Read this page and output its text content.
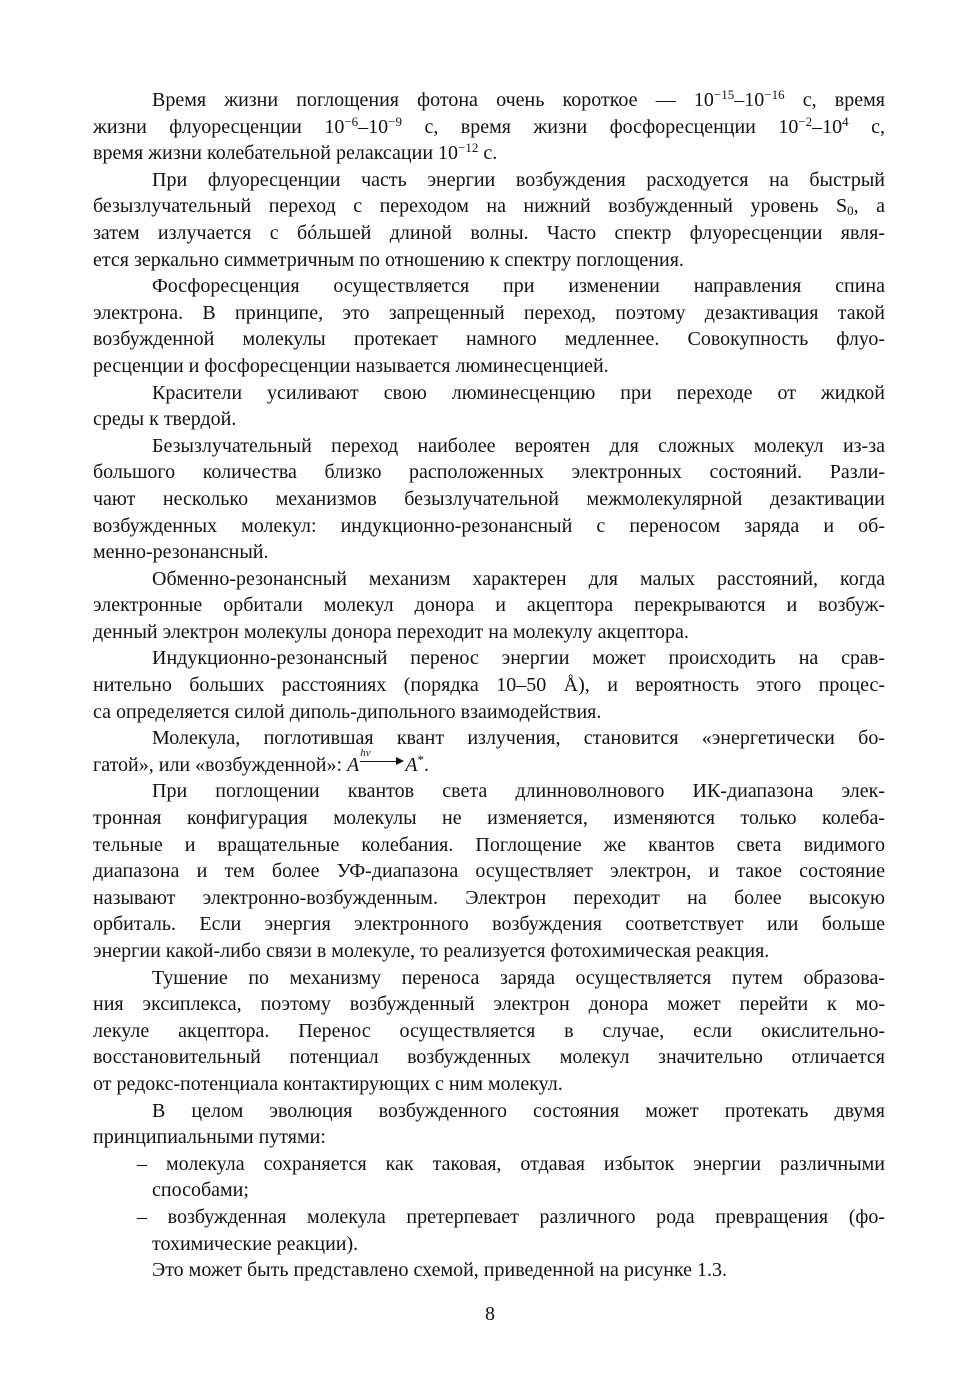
Время жизни поглощения фотона очень короткое — $10^{-15}-10^{-16}$ с, время
жизни флуоресценции $10^{-6}-10^{-9}$ с, время жизни фосфоресценции $10^{-2}-10^4$ с,
время жизни колебательной релаксации $10^{-12}$ с.
При флуоресценции часть энергии возбуждения расходуется на быстрый
безызлучательный переход с переходом на нижний возбужденный уровень $S_0$, а
затем излучается с бóльшей длиной волны. Часто спектр флуоресценции явля-
ется зеркально симметричным по отношению к спектру поглощения.
Фосфоресценция осуществляется при изменении направления спина
электрона. В принципе, это запрещенный переход, поэтому дезактивация такой
возбужденной молекулы протекает намного медленнее. Совокупность флуо-
ресценции и фосфоресценции называется люминесценцией.
Красители усиливают свою люминесценцию при переходе от жидкой
среды к твердой.
Безызлучательный переход наиболее вероятен для сложных молекул из-за
большого количества близко расположенных электронных состояний. Разли-
чают несколько механизмов безызлучательной межмолекулярной дезактивации
возбужденных молекул: индукционно-резонансный с переносом заряда и об-
менно-резонансный.
Обменно-резонансный механизм характерен для малых расстояний, когда
электронные орбитали молекул донора и акцептора перекрываются и возбуж-
денный электрон молекулы донора переходит на молекулу акцептора.
Индукционно-резонансный перенос энергии может происходить на срав-
нительно больших расстояниях (порядка 10–50 Å), и вероятность этого процес-
са определяется силой диполь-дипольного взаимодействия.
Молекула, поглотившая квант излучения, становится «энергетически бо-
гатой», или «возбужденной»: A
hν
A*.
При поглощении квантов света длинноволнового ИК-диапазона элек-
тронная конфигурация молекулы не изменяется, изменяются только колеба-
тельные и вращательные колебания. Поглощение же квантов света видимого
диапазона и тем более УФ-диапазона осуществляет электрон, и такое состояние
называют электронно-возбужденным. Электрон переходит на более высокую
орбиталь. Если энергия электронного возбуждения соответствует или больше
энергии какой-либо связи в молекуле, то реализуется фотохимическая реакция.
Тушение по механизму переноса заряда осуществляется путем образова-
ния эксиплекса, поэтому возбужденный электрон донора может перейти к мо-
лекуле акцептора. Перенос осуществляется в случае, если окислительно-
восстановительный потенциал возбужденных молекул значительно отличается
от редокс-потенциала контактирующих с ним молекул.
В целом эволюция возбужденного состояния может протекать двумя
принципиальными путями:
– молекула сохраняется как таковая, отдавая избыток энергии различными
способами;
– возбужденная молекула претерпевает различного рода превращения (фо-
тохимические реакции).
Это может быть представлено схемой, приведенной на рисунке 1.3.
8
